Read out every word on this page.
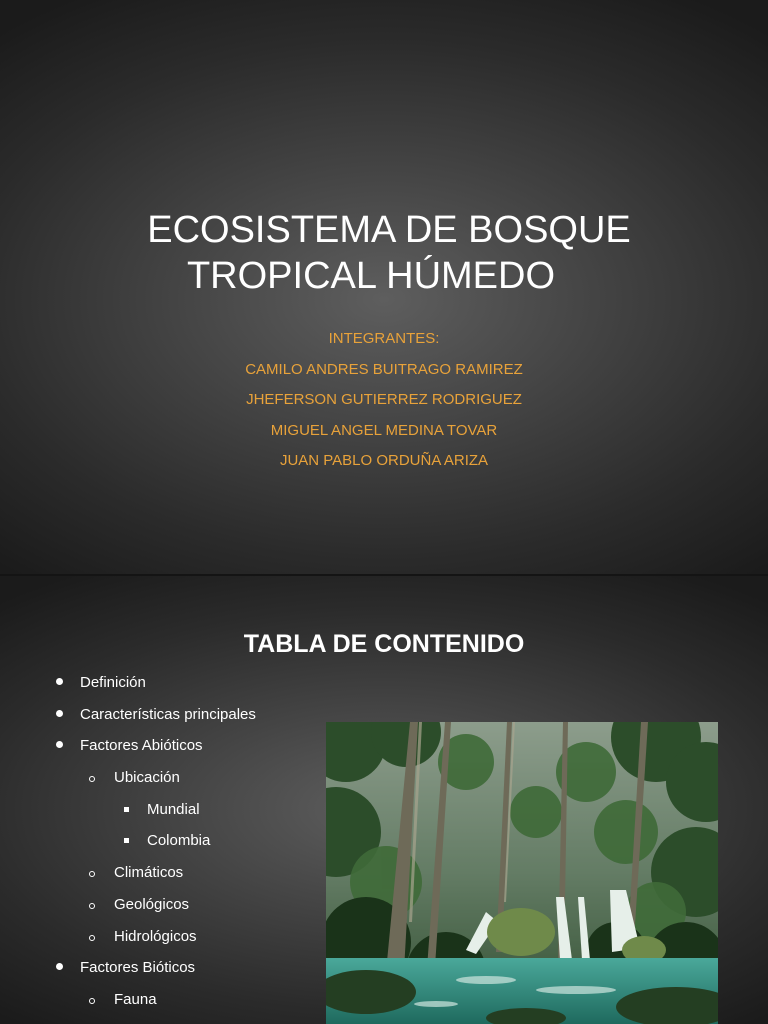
ECOSISTEMA DE BOSQUE
TROPICAL HÚMEDO
INTEGRANTES:
CAMILO ANDRES BUITRAGO RAMIREZ
JHEFERSON GUTIERREZ RODRIGUEZ
MIGUEL ANGEL MEDINA TOVAR
JUAN PABLO ORDUÑA ARIZA
TABLA DE CONTENIDO
Definición
Características principales
Factores Abióticos
Ubicación
Mundial
Colombia
Climáticos
Geológicos
Hidrológicos
Factores Bióticos
Fauna
